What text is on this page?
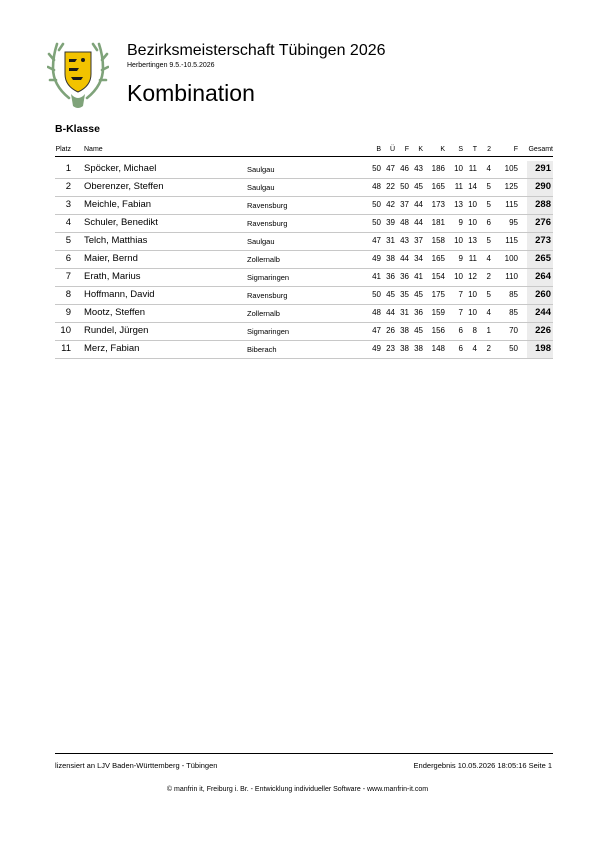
Bezirksmeisterschaft Tübingen 2026
Herbertingen 9.5.-10.5.2026
Kombination
B-Klasse
Platz Name	B	Ü	F	K	K	S	T	2	F	Gesamt
1 Spöcker, Michael	Saulgau	50 47 46 43	186	10 11	4	105	291
2 Oberenzer, Steffen	Saulgau	48 22 50 45	165	11 14	5	125	290
3 Meichle, Fabian	Ravensburg	50 42 37 44	173	13 10	5	115	288
4 Schuler, Benedikt	Ravensburg	50 39 48 44	181	9 10	6	95	276
5 Telch, Matthias	Saulgau	47 31 43 37	158	10 13	5	115	273
6 Maier, Bernd	Zollernalb	49 38 44 34	165	9 11	4	100	265
7 Erath, Marius	Sigmaringen	41 36 36 41	154	10 12	2	110	264
8 Hoffmann, David	Ravensburg	50 45 35 45	175	7 10	5	85	260
9 Mootz, Steffen	Zollernalb	48 44 31 36	159	7 10	4	85	244
10 Rundel, Jürgen	Sigmaringen	47 26 38 45	156	6	8	1	70	226
11 Merz, Fabian	Biberach	49 23 38 38	148	6	4	2	50	198
lizensiert an LJV Baden-Württemberg - Tübingen	Endergebnis 10.05.2026 18:05:16 Seite 1
© manfrin it, Freiburg i. Br. - Entwicklung individueller Software - www.manfrin-it.com
